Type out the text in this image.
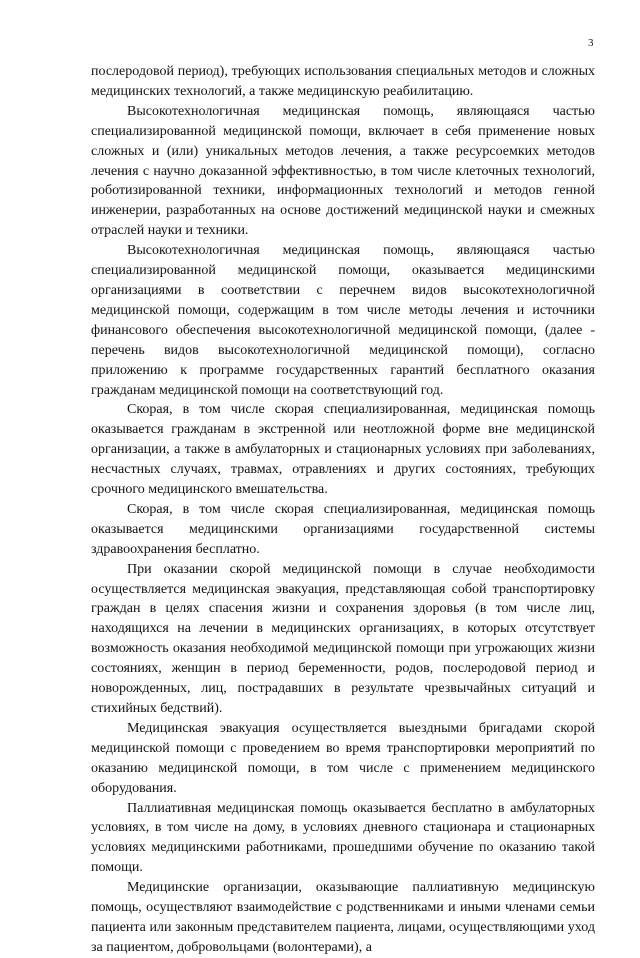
3

послеродовой период), требующих использования специальных методов и сложных медицинских технологий, а также медицинскую реабилитацию.

Высокотехнологичная медицинская помощь, являющаяся частью специализированной медицинской помощи, включает в себя применение новых сложных и (или) уникальных методов лечения, а также ресурсоемких методов лечения с научно доказанной эффективностью, в том числе клеточных технологий, роботизированной техники, информационных технологий и методов генной инженерии, разработанных на основе достижений медицинской науки и смежных отраслей науки и техники.

Высокотехнологичная медицинская помощь, являющаяся частью специализированной медицинской помощи, оказывается медицинскими организациями в соответствии с перечнем видов высокотехнологичной медицинской помощи, содержащим в том числе методы лечения и источники финансового обеспечения высокотехнологичной медицинской помощи, (далее - перечень видов высокотехнологичной медицинской помощи), согласно приложению к программе государственных гарантий бесплатного оказания гражданам медицинской помощи на соответствующий год.

Скорая, в том числе скорая специализированная, медицинская помощь оказывается гражданам в экстренной или неотложной форме вне медицинской организации, а также в амбулаторных и стационарных условиях при заболеваниях, несчастных случаях, травмах, отравлениях и других состояниях, требующих срочного медицинского вмешательства.

Скорая, в том числе скорая специализированная, медицинская помощь оказывается медицинскими организациями государственной системы здравоохранения бесплатно.

При оказании скорой медицинской помощи в случае необходимости осуществляется медицинская эвакуация, представляющая собой транспортировку граждан в целях спасения жизни и сохранения здоровья (в том числе лиц, находящихся на лечении в медицинских организациях, в которых отсутствует возможность оказания необходимой медицинской помощи при угрожающих жизни состояниях, женщин в период беременности, родов, послеродовой период и новорожденных, лиц, пострадавших в результате чрезвычайных ситуаций и стихийных бедствий).

Медицинская эвакуация осуществляется выездными бригадами скорой медицинской помощи с проведением во время транспортировки мероприятий по оказанию медицинской помощи, в том числе с применением медицинского оборудования.

Паллиативная медицинская помощь оказывается бесплатно в амбулаторных условиях, в том числе на дому, в условиях дневного стационара и стационарных условиях медицинскими работниками, прошедшими обучение по оказанию такой помощи.

Медицинские организации, оказывающие паллиативную медицинскую помощь, осуществляют взаимодействие с родственниками и иными членами семьи пациента или законным представителем пациента, лицами, осуществляющими уход за пациентом, добровольцами (волонтерами), а
